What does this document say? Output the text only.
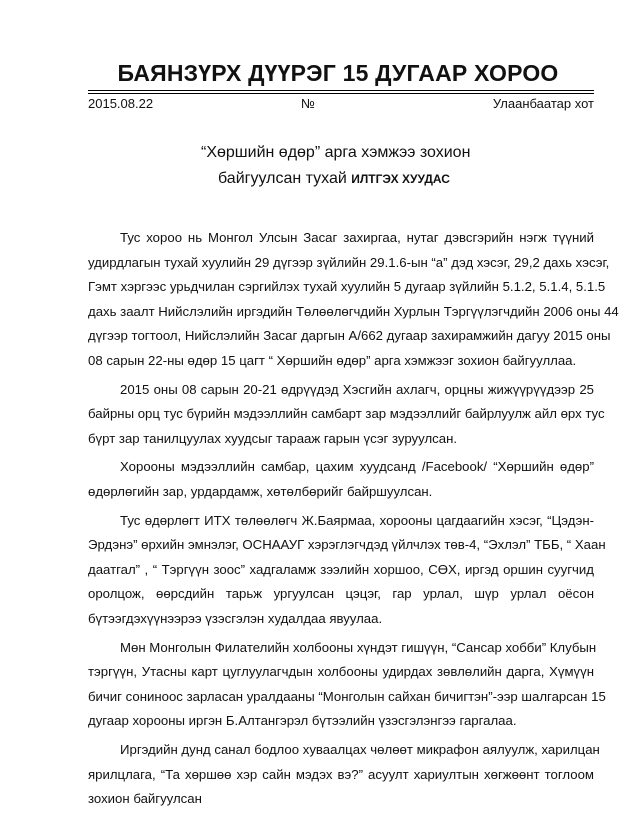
БАЯНЗҮРХ ДҮҮРЭГ 15 ДУГААР ХОРОО
2015.08.22	№	Улаанбаатар хот
“Хөршийн өдөр” арга хэмжээ зохион
байгуулсан тухай ИЛТГЭХ ХУУДАС
Тус хороо нь Монгол Улсын Засаг захиргаа, нутаг дэвсгэрийн нэгж түүний
удирдлагын тухай хуулийн 29 дүгээр зүйлийн 29.1.6-ын “а” дэд хэсэг, 29,2 дахь хэсэг,
Гэмт хэргээс урьдчилан сэргийлэх тухай хуулийн 5 дугаар зүйлийн 5.1.2, 5.1.4, 5.1.5
дахь заалт Нийслэлийн иргэдийн Төлөөлөгчдийн Хурлын Тэргүүлэгчдийн 2006 оны 44
дүгээр тогтоол, Нийслэлийн Засаг даргын А/662 дугаар захирамжийн дагуу 2015 оны
08 сарын 22-ны өдөр 15 цагт “ Хөршийн өдөр” арга хэмжээг зохион байгууллаа.
2015 оны 08 сарын 20-21 өдрүүдэд Хэсгийн ахлагч, орцны жижүүрүүдээр 25
байрны орц тус бүрийн мэдээллийн самбарт зар мэдээллийг байрлуулж айл өрх тус
бүрт зар танилцуулах хуудсыг тарааж гарын үсэг зуруулсан.
Хорооны мэдээллийн самбар, цахим хуудсанд /Facebook/ “Хөршийн өдөр”
өдөрлөгийн зар, урдардамж, хөтөлбөрийг байршуулсан.
Тус өдөрлөгт ИТХ төлөөлөгч Ж.Баярмаа, хорооны цагдаагийн хэсэг, “Цэдэн-
Эрдэнэ” өрхийн эмнэлэг, ОСНААУГ хэрэглэгчдэд үйлчлэх төв-4, “Эхлэл” ТББ, “ Хаан
даатгал” , “ Тэргүүн зоос” хадгаламж зээлийн хоршоо, СӨХ, иргэд оршин суугчид
оролцож, өөрсдийн тарьж ургуулсан цэцэг, гар урлал, шүр урлал оёсон
бүтээгдэхүүнээрээ үзэсгэлэн худалдаа явуулаа.
Мөн Монголын Филателийн холбооны хүндэт гишүүн, “Сансар хобби” Клубын
тэргүүн, Утасны карт цуглуулагчдын холбооны удирдах зөвлөлийн дарга, Хүмүүн
бичиг сониноос зарласан уралдааны “Монголын сайхан бичигтэн”-ээр шалгарсан 15
дугаар хорооны иргэн Б.Алтангэрэл бүтээлийн үзэсгэлэнгээ гаргалаа.
Иргэдийн дунд санал бодлоо хуваалцах чөлөөт микрафон аялуулж, харилцан
ярилцлага, “Та хөршөө хэр сайн мэдэх вэ?” асуулт хариултын хөгжөөнт тоглоом
зохион байгуулсан
